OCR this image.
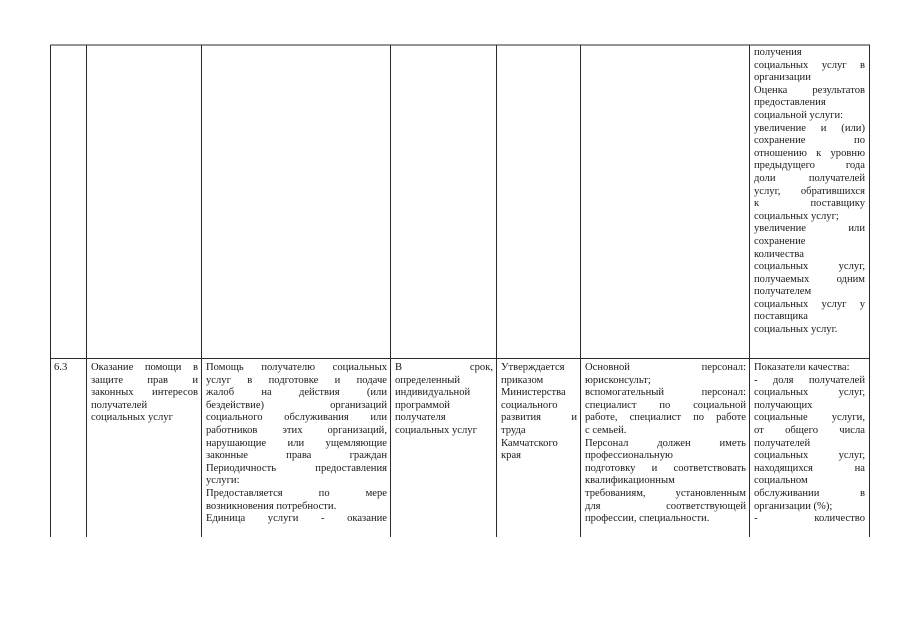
получения

социальных услуг в

организации

Оценка результатов

предоставления

социальной услуги:

увеличение и (или)

сохранение по

отношению к уровню

предыдущего года

доли получателей

услуг, обратившихся

к поставщику

социальных услуг;

увеличение или

сохранение

количества

социальных услуг,

получаемых одним

получателем

социальных услуг у

поставщика

социальных услуг.

6.3	Оказание помощи в

защите прав и

законных интересов

получателей

социальных услуг

Помощь получателю социальных

услуг в подготовке и подаче

жалоб на действия (или

бездействие) организаций

социального обслуживания или

работников этих организаций,

нарушающие или ущемляющие

законные права граждан

Периодичность предоставления

услуги:

Предоставляется по мере

возникновения потребности.

Единица услуги - оказание

В срок,

определенный

индивидуальной

программой

получателя

социальных услуг

Утверждается

приказом

Министерства

социального

развития и

труда

Камчатского

края

Основной персонал:

юрисконсульт;

вспомогательный персонал:

специалист по социальной

работе, специалист по работе

с семьей.

Персонал должен иметь

профессиональную

подготовку и соответствовать

квалификационным

требованиям, установленным

для соответствующей

профессии, специальности.

Показатели качества:

- доля получателей

социальных услуг,

получающих

социальные услуги,

от общего числа

получателей

социальных услуг,

находящихся на

социальном

обслуживании в

организации (%);

- количество
